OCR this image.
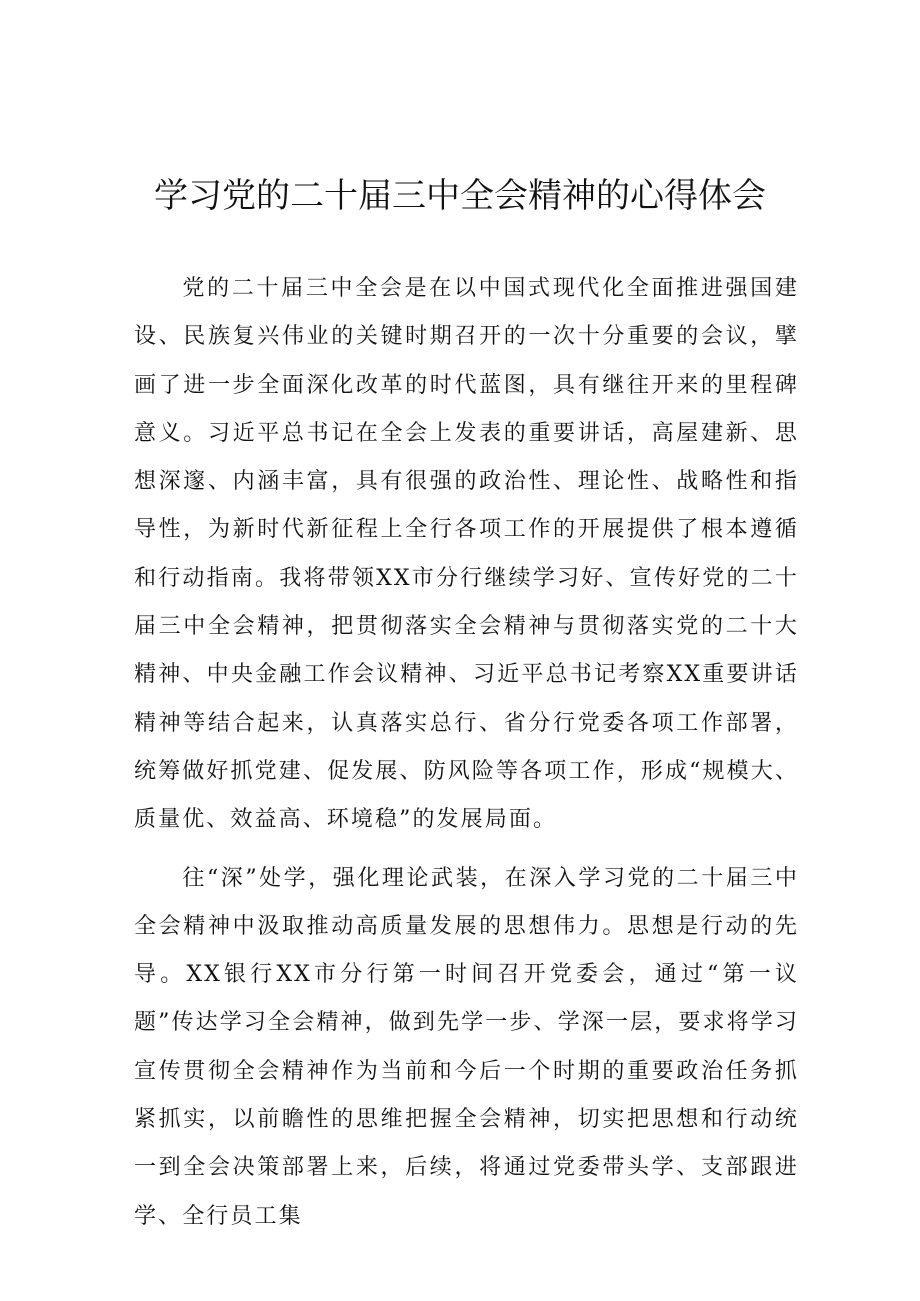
学习党的二十届三中全会精神的心得体会

党的二十届三中全会是在以中国式现代化全面推进强国建设、民族复兴伟业的关键时期召开的一次十分重要的会议，擘画了进一步全面深化改革的时代蓝图，具有继往开来的里程碑意义。习近平总书记在全会上发表的重要讲话，高屋建新、思想深邃、内涵丰富，具有很强的政治性、理论性、战略性和指导性，为新时代新征程上全行各项工作的开展提供了根本遵循和行动指南。我将带领XX市分行继续学习好、宣传好党的二十届三中全会精神，把贯彻落实全会精神与贯彻落实党的二十大精神、中央金融工作会议精神、习近平总书记考察XX重要讲话精神等结合起来，认真落实总行、省分行党委各项工作部署，统筹做好抓党建、促发展、防风险等各项工作，形成“规模大、质量优、效益高、环境稳”的发展局面。

往“深”处学，强化理论武装，在深入学习党的二十届三中全会精神中汲取推动高质量发展的思想伟力。思想是行动的先导。XX银行XX市分行第一时间召开党委会，通过“第一议题”传达学习全会精神，做到先学一步、学深一层，要求将学习宣传贯彻全会精神作为当前和今后一个时期的重要政治任务抓紧抓实，以前瞻性的思维把握全会精神，切实把思想和行动统一到全会决策部署上来，后续，将通过党委带头学、支部跟进学、全行员工集
